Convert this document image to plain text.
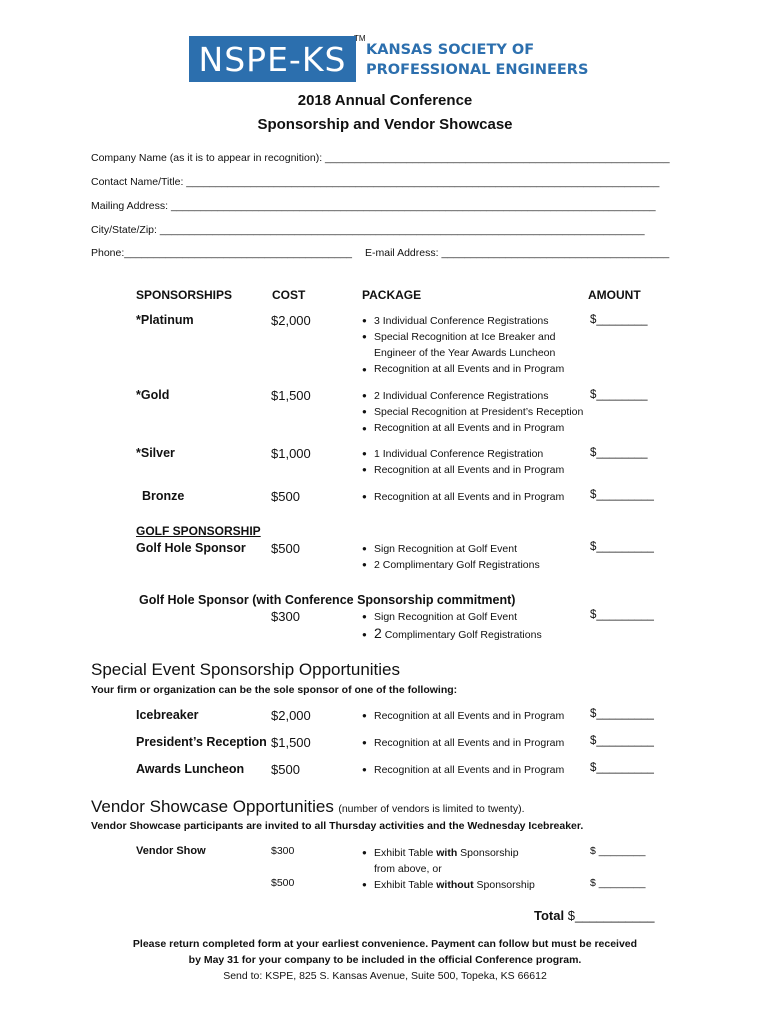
NSPE-KS
TM
KANSAS SOCIETY OF
PROFESSIONAL ENGINEERS
2018 Annual Conference
Sponsorship and Vendor Showcase
Company Name (as it is to appear in recognition): ___________________________________________________________
Contact Name/Title: _________________________________________________________________________________
Mailing Address: ___________________________________________________________________________________
City/State/Zip: ___________________________________________________________________________________
Phone:_______________________________________ E-mail Address: _______________________________________
SPONSORSHIPS	COST	PACKAGE	AMOUNT
*Platinum	$2,000	● 3 Individual Conference Registrations
● Special Recognition at Ice Breaker and
Engineer of the Year Awards Luncheon
● Recognition at all Events and in Program
$________
*Gold	$1,500	● 2 Individual Conference Registrations
● Special Recognition at President’s Reception
● Recognition at all Events and in Program
$________
*Silver	$1,000	● 1 Individual Conference Registration
● Recognition at all Events and in Program
$________
Bronze	$500	● Recognition at all Events and in Program $_________
GOLF SPONSORSHIP
Golf Hole Sponsor $500	● Sign Recognition at Golf Event
● 2 Complimentary Golf Registrations
$_________
Golf Hole Sponsor (with Conference Sponsorship commitment)
$300	● Sign Recognition at Golf Event
● 2 Complimentary Golf Registrations
$_________
Special Event Sponsorship Opportunities
Your firm or organization can be the sole sponsor of one of the following:
Icebreaker	$2,000	● Recognition at all Events and in Program $_________
President’s Reception $1,500	● Recognition at all Events and in Program $_________
Awards Luncheon $500	● Recognition at all Events and in Program $_________
Vendor Showcase Opportunities (number of vendors is limited to twenty).
Vendor Showcase participants are invited to all Thursday activities and the Wednesday Icebreaker.
Vendor Show	$300	● Exhibit Table with Sponsorship
from above, or
● Exhibit Table without Sponsorship
$ ________
$500	$ ________
Total $___________
Please return completed form at your earliest convenience. Payment can follow but must be received
by May 31 for your company to be included in the official Conference program.
Send to: KSPE, 825 S. Kansas Avenue, Suite 500, Topeka, KS 66612
